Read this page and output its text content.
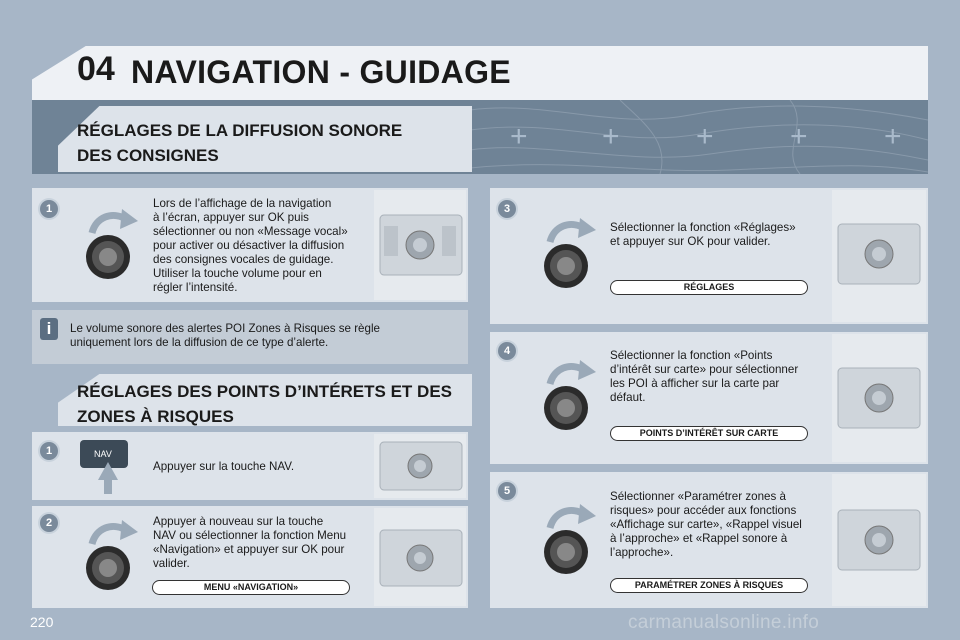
04 NAVIGATION - GUIDAGE
+ +	+	+	+
RÉGLAGES DE LA DIFFUSION SONORE
DES CONSIGNES
1	Lors de l’affichage de la navigation
à l’écran, appuyer sur OK puis
sélectionner ou non «Message vocal»
pour activer ou désactiver la diffusion
des consignes vocales de guidage.
Utiliser la touche volume pour en
régler l’intensité.
i	Le volume sonore des alertes POI Zones à Risques se règle
uniquement lors de la diffusion de ce type d’alerte.
RÉGLAGES DES POINTS D’INTÉRETS ET DES
ZONES À RISQUES
1	NAV
Appuyer sur la touche NAV.
2	Appuyer à nouveau sur la touche
NAV ou sélectionner la fonction Menu
«Navigation» et appuyer sur OK pour
valider.
MENU «NAVIGATION»
3
Sélectionner la fonction «Réglages»
et appuyer sur OK pour valider.
RÉGLAGES
4	Sélectionner la fonction «Points
d’intérêt sur carte» pour sélectionner
les POI à afficher sur la carte par
défaut.
POINTS D’INTÉRÊT SUR CARTE
5	Sélectionner «Paramétrer zones à
risques» pour accéder aux fonctions
«Affichage sur carte», «Rappel visuel
à l’approche» et «Rappel sonore à
l’approche».
PARAMÉTRER ZONES À RISQUES
220	carmanualsonline.info
